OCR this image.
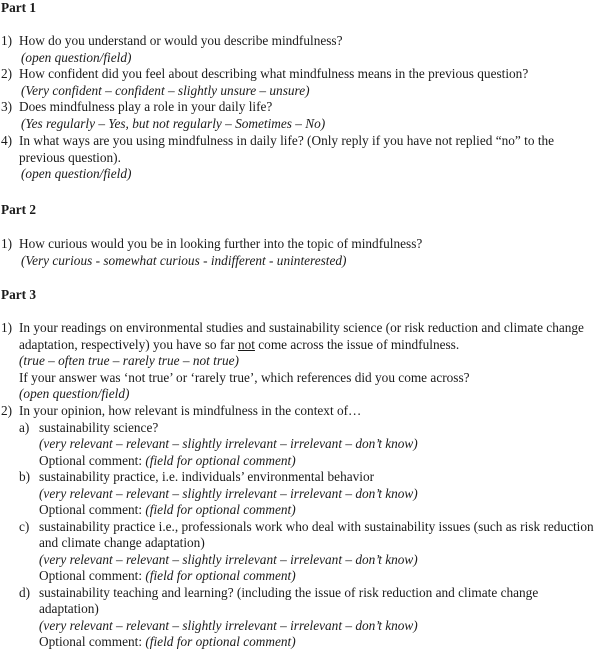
Part 1
1) How do you understand or would you describe mindfulness?
(open question/field)
2) How confident did you feel about describing what mindfulness means in the previous question?
(Very confident – confident – slightly unsure – unsure)
3) Does mindfulness play a role in your daily life?
(Yes regularly – Yes, but not regularly – Sometimes – No)
4) In what ways are you using mindfulness in daily life? (Only reply if you have not replied “no” to the previous question).
(open question/field)
Part 2
1) How curious would you be in looking further into the topic of mindfulness?
(Very curious - somewhat curious - indifferent - uninterested)
Part 3
1) In your readings on environmental studies and sustainability science (or risk reduction and climate change adaptation, respectively) you have so far not come across the issue of mindfulness.
(true – often true – rarely true – not true)
If your answer was ‘not true’ or ‘rarely true’, which references did you come across?
(open question/field)
2) In your opinion, how relevant is mindfulness in the context of…
a) sustainability science?
(very relevant – relevant – slightly irrelevant – irrelevant – don’t know)
Optional comment: (field for optional comment)
b) sustainability practice, i.e. individuals’ environmental behavior
(very relevant – relevant – slightly irrelevant – irrelevant – don’t know)
Optional comment: (field for optional comment)
c) sustainability practice i.e., professionals work who deal with sustainability issues (such as risk reduction and climate change adaptation)
(very relevant – relevant – slightly irrelevant – irrelevant – don’t know)
Optional comment: (field for optional comment)
d) sustainability teaching and learning? (including the issue of risk reduction and climate change adaptation)
(very relevant – relevant – slightly irrelevant – irrelevant – don’t know)
Optional comment: (field for optional comment)
